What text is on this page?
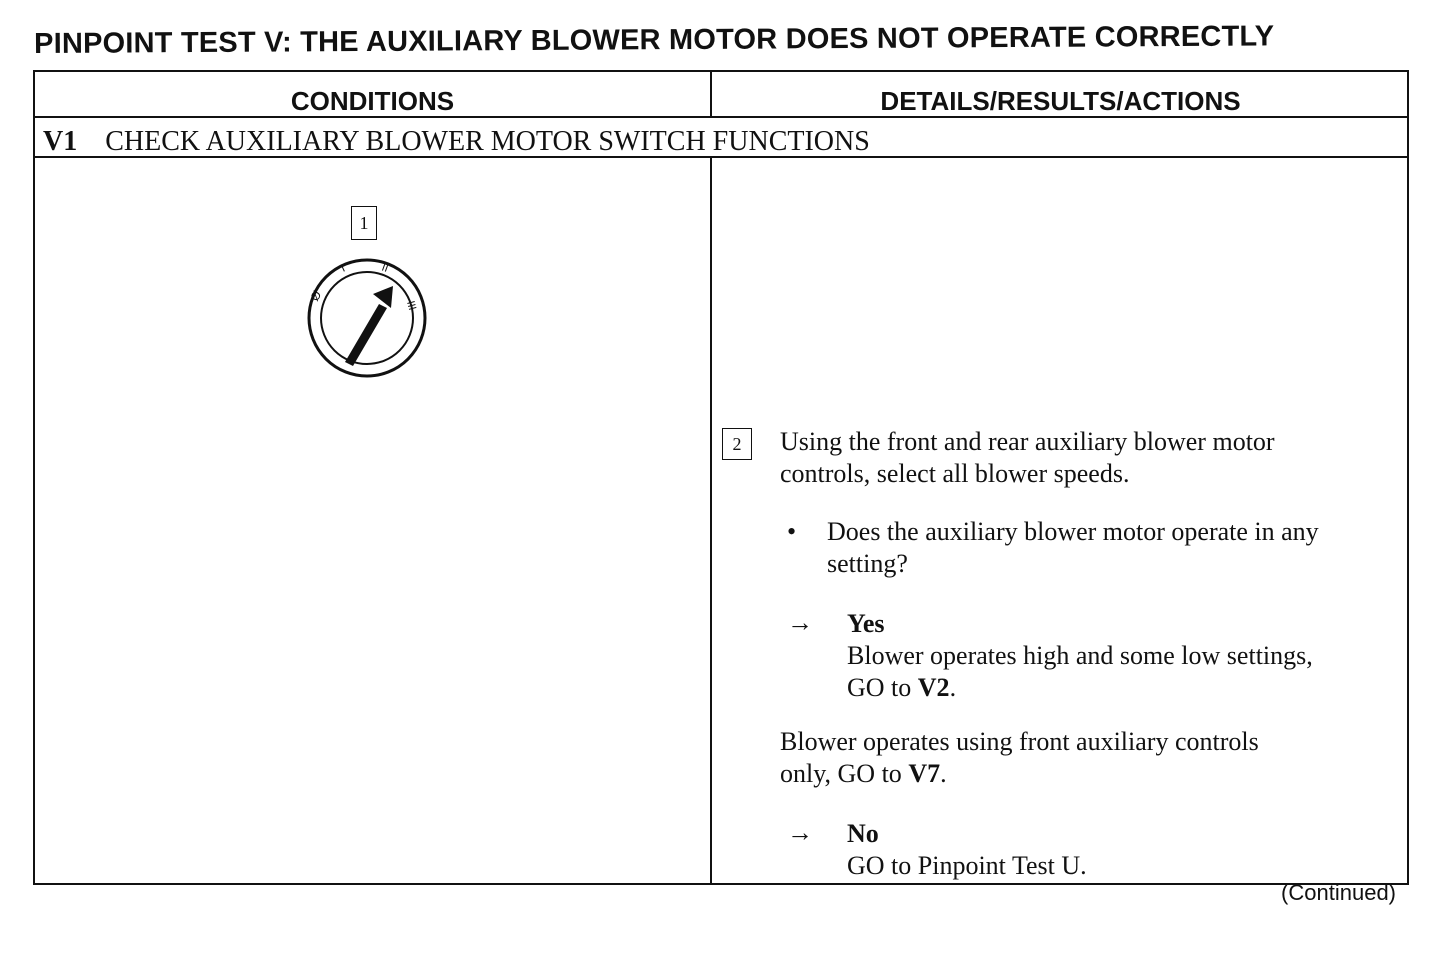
PINPOINT TEST V: THE AUXILIARY BLOWER MOTOR DOES NOT OPERATE CORRECTLY
CONDITIONS	DETAILS/RESULTS/ACTIONS
V1 CHECK AUXILIARY BLOWER MOTOR SWITCH FUNCTIONS
1
Ø
I	II
III
2	Using the front and rear auxiliary blower motor
controls, select all blower speeds.
• Does the auxiliary blower motor operate in any
setting?
→ Yes
Blower operates high and some low settings,
GO to V2.
Blower operates using front auxiliary controls
only, GO to V7.
→ No
GO to Pinpoint Test U.
(Continued)
